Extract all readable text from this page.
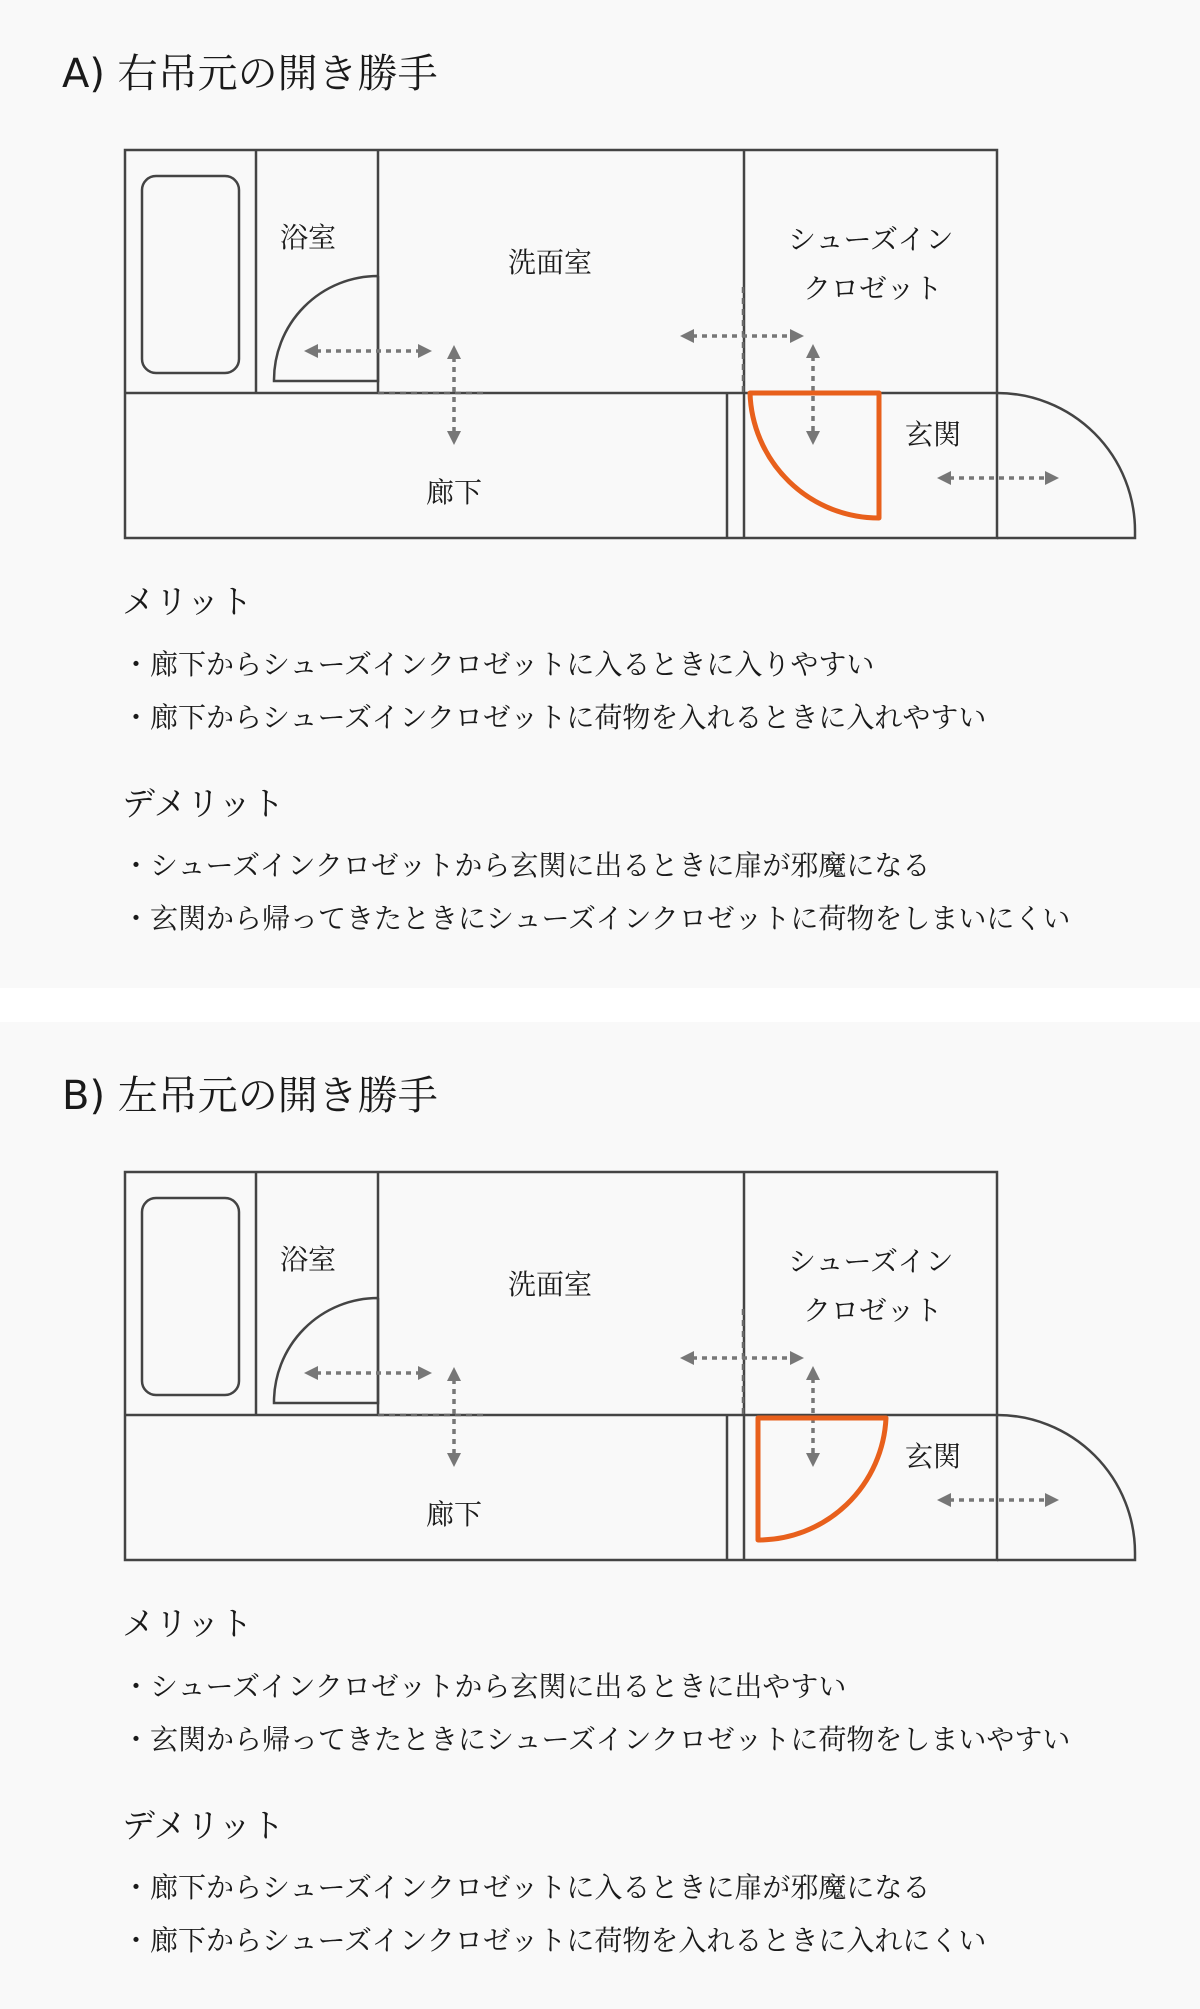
A) 右吊元の開き勝手
浴室
洗面室
シューズイン
クロゼット
玄関
廊下
メリット
・廊下からシューズインクロゼットに入るときに入りやすい
・廊下からシューズインクロゼットに荷物を入れるときに入れやすい
デメリット
・シューズインクロゼットから玄関に出るときに扉が邪魔になる
・玄関から帰ってきたときにシューズインクロゼットに荷物をしまいにくい
B) 左吊元の開き勝手
浴室
洗面室
シューズイン
クロゼット
玄関
廊下
メリット
・シューズインクロゼットから玄関に出るときに出やすい
・玄関から帰ってきたときにシューズインクロゼットに荷物をしまいやすい
デメリット
・廊下からシューズインクロゼットに入るときに扉が邪魔になる
・廊下からシューズインクロゼットに荷物を入れるときに入れにくい
